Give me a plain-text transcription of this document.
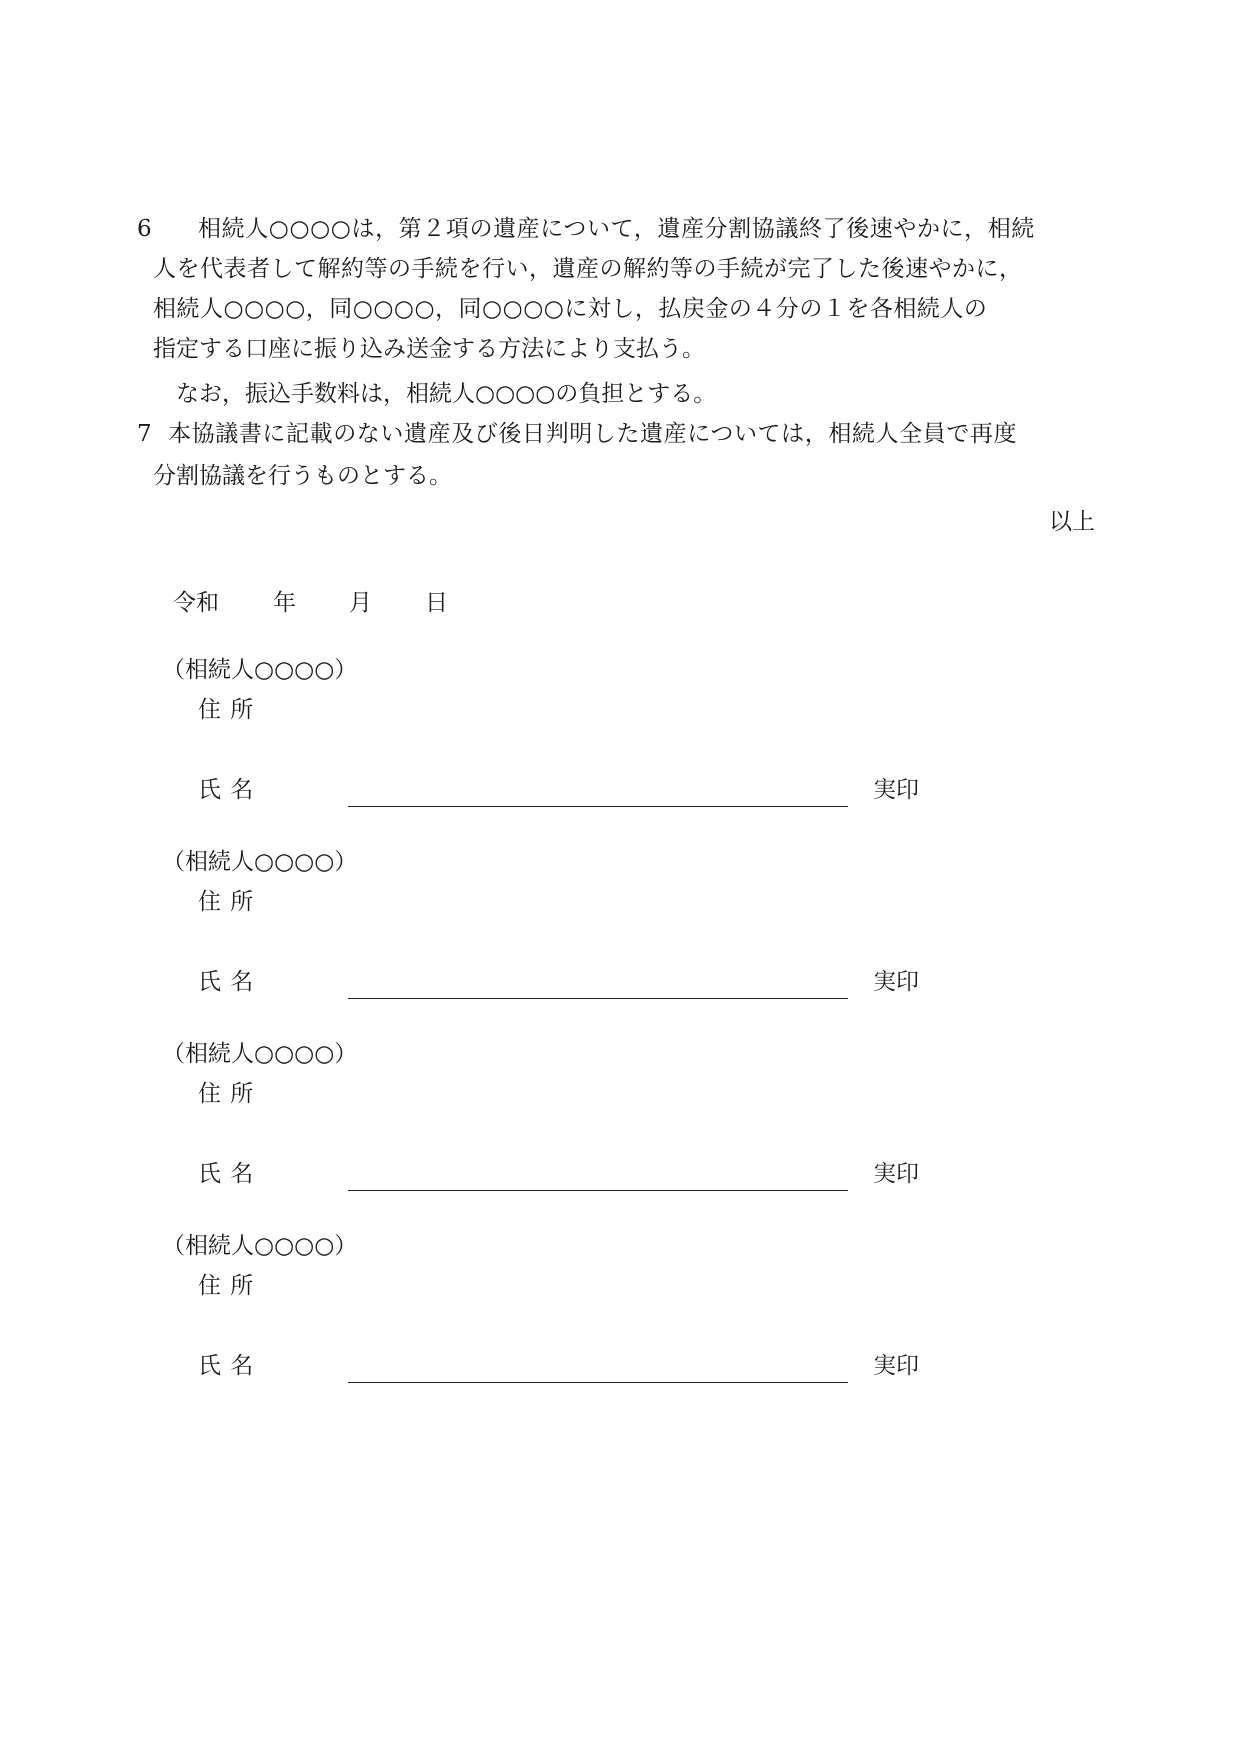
6 相続人○○○○は，第２項の遺産について，遺産分割協議終了後速やかに，相続
人を代表者して解約等の手続を行い，遺産の解約等の手続が完了した後速やかに，
相続人○○○○，同○○○○，同○○○○に対し，払戻金の４分の１を各相続人の
指定する口座に振り込み送金する方法により支払う。
なお，振込手数料は，相続人○○○○の負担とする。
7 本協議書に記載のない遺産及び後日判明した遺産については，相続人全員で再度
分割協議を行うものとする。
以上
令和 年 月 日
（相続人○○○○）
住所
氏名	実印
（相続人○○○○）
住所
氏名	実印
（相続人○○○○）
住所
氏名	実印
（相続人○○○○）
住所
氏名	実印
